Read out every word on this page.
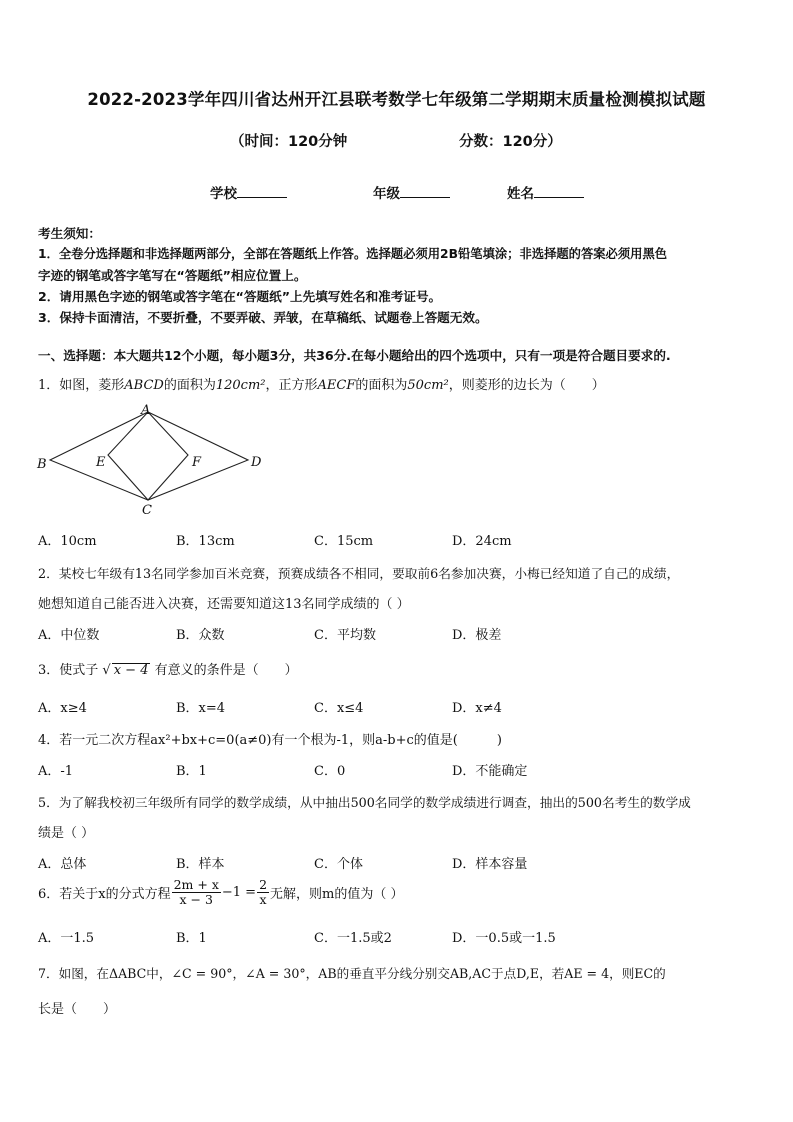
2022-2023学年四川省达州开江县联考数学七年级第二学期期末质量检测模拟试题
（时间：120分钟	分数：120分）
学校	年级	姓名
考生须知：
1．全卷分选择题和非选择题两部分，全部在答题纸上作答。选择题必须用2B铅笔填涂；非选择题的答案必须用黑色
字迹的钢笔或答字笔写在“答题纸”相应位置上。
2．请用黑色字迹的钢笔或答字笔在“答题纸”上先填写姓名和准考证号。
3．保持卡面清洁，不要折叠，不要弄破、弄皱，在草稿纸、试题卷上答题无效。
一、选择题：本大题共12个小题，每小题3分，共36分.在每小题给出的四个选项中，只有一项是符合题目要求的.
1．如图，菱形ABCD的面积为120cm²，正方形AECF的面积为50cm²，则菱形的边长为（　　）
A
B
C
D
E	F
A．10cm	B．13cm	C．15cm	D．24cm
2．某校七年级有13名同学参加百米竞赛，预赛成绩各不相同，要取前6名参加决赛，小梅已经知道了自己的成绩，
她想知道自己能否进入决赛，还需要知道这13名同学成绩的（ ）
A．中位数	B．众数	C．平均数	D．极差
3．使式子 √ x − 4 有意义的条件是（　　）
A．x≥4	B．x=4	C．x≤4	D．x≠4
4．若一元二次方程ax²+bx+c=0(a≠0)有一个根为-1，则a-b+c的值是(　　　)
A．-1	B．1	C．0	D．不能确定
5．为了解我校初三年级所有同学的数学成绩，从中抽出500名同学的数学成绩进行调查，抽出的500名考生的数学成
绩是（ ）
A．总体	B．样本	C．个体	D．样本容量
6．若关于x的分式方程 $\frac{2m + x}{x - 3} -1 = \frac{2}{x}$ 无解，则m的值为（ ）
A．一1.5	B．1	C．一1.5或2	D．一0.5或一1.5
7．如图，在ΔABC中，∠C = 90°，∠A = 30°，AB的垂直平分线分别交AB,AC于点D,E，若AE = 4，则EC的
长是（　　）
